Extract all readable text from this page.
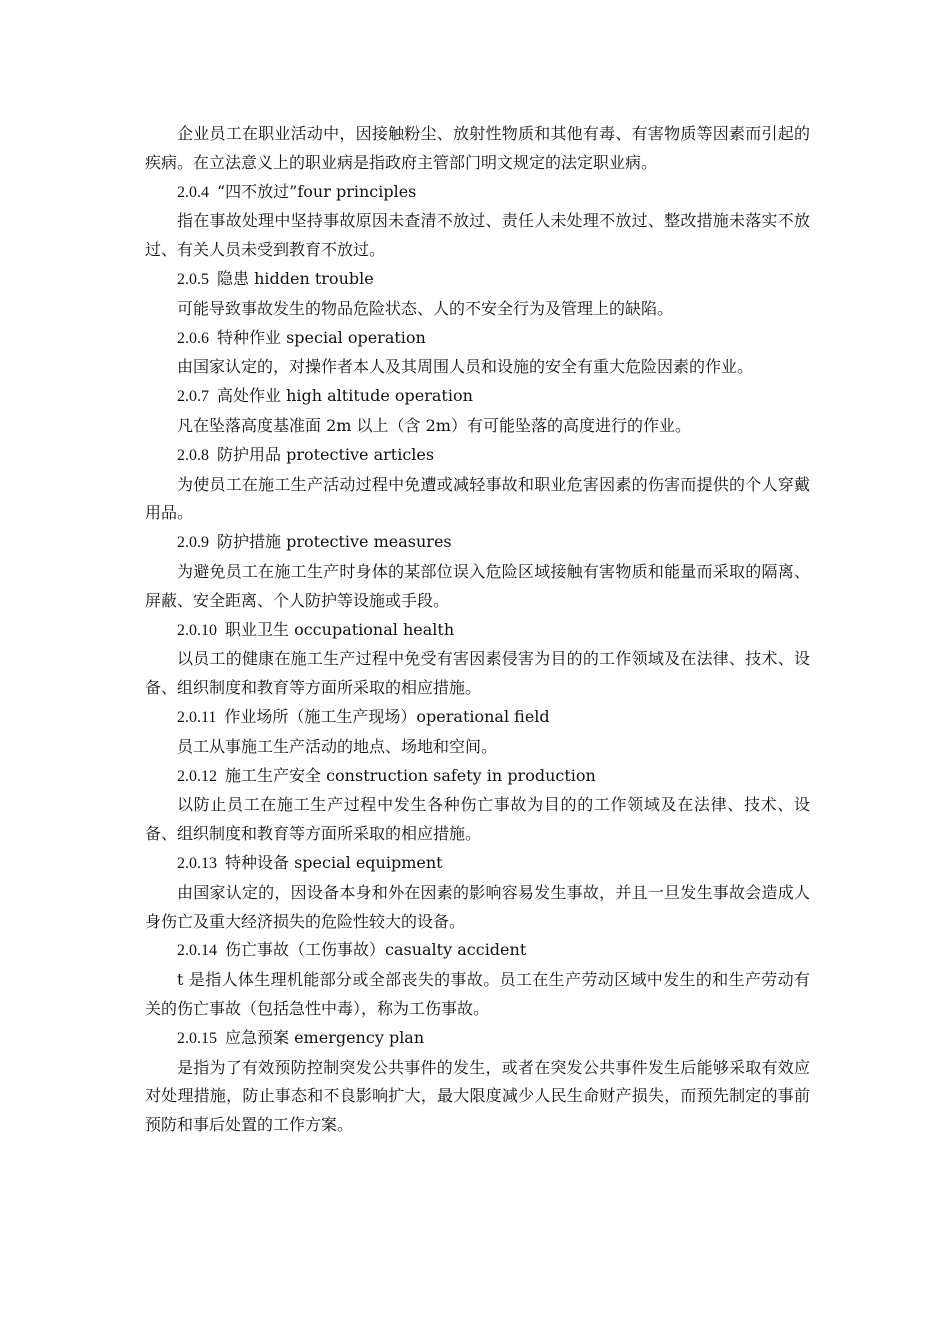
企业员工在职业活动中，因接触粉尘、放射性物质和其他有毒、有害物质等因素而引起的疾病。在立法意义上的职业病是指政府主管部门明文规定的法定职业病。

2.0.4 “四不放过”four principles

指在事故处理中坚持事故原因未查清不放过、责任人未处理不放过、整改措施未落实不放过、有关人员未受到教育不放过。

2.0.5 隐患 hidden trouble

可能导致事故发生的物品危险状态、人的不安全行为及管理上的缺陷。

2.0.6 特种作业 special operation

由国家认定的，对操作者本人及其周围人员和设施的安全有重大危险因素的作业。

2.0.7 高处作业 high altitude operation

凡在坠落高度基准面 2m 以上（含 2m）有可能坠落的高度进行的作业。

2.0.8 防护用品 protective articles

为使员工在施工生产活动过程中免遭或减轻事故和职业危害因素的伤害而提供的个人穿戴用品。

2.0.9 防护措施 protective measures

为避免员工在施工生产时身体的某部位误入危险区域接触有害物质和能量而采取的隔离、屏蔽、安全距离、个人防护等设施或手段。

2.0.10 职业卫生 occupational health

以员工的健康在施工生产过程中免受有害因素侵害为目的的工作领域及在法律、技术、设备、组织制度和教育等方面所采取的相应措施。

2.0.11 作业场所（施工生产现场）operational field

员工从事施工生产活动的地点、场地和空间。

2.0.12 施工生产安全 construction safety in production

以防止员工在施工生产过程中发生各种伤亡事故为目的的工作领域及在法律、技术、设备、组织制度和教育等方面所采取的相应措施。

2.0.13 特种设备 special equipment

由国家认定的，因设备本身和外在因素的影响容易发生事故，并且一旦发生事故会造成人身伤亡及重大经济损失的危险性较大的设备。

2.0.14 伤亡事故（工伤事故）casualty accident

t 是指人体生理机能部分或全部丧失的事故。员工在生产劳动区域中发生的和生产劳动有关的伤亡事故（包括急性中毒），称为工伤事故。

2.0.15 应急预案 emergency plan

是指为了有效预防控制突发公共事件的发生，或者在突发公共事件发生后能够采取有效应对处理措施，防止事态和不良影响扩大，最大限度减少人民生命财产损失，而预先制定的事前预防和事后处置的工作方案。
